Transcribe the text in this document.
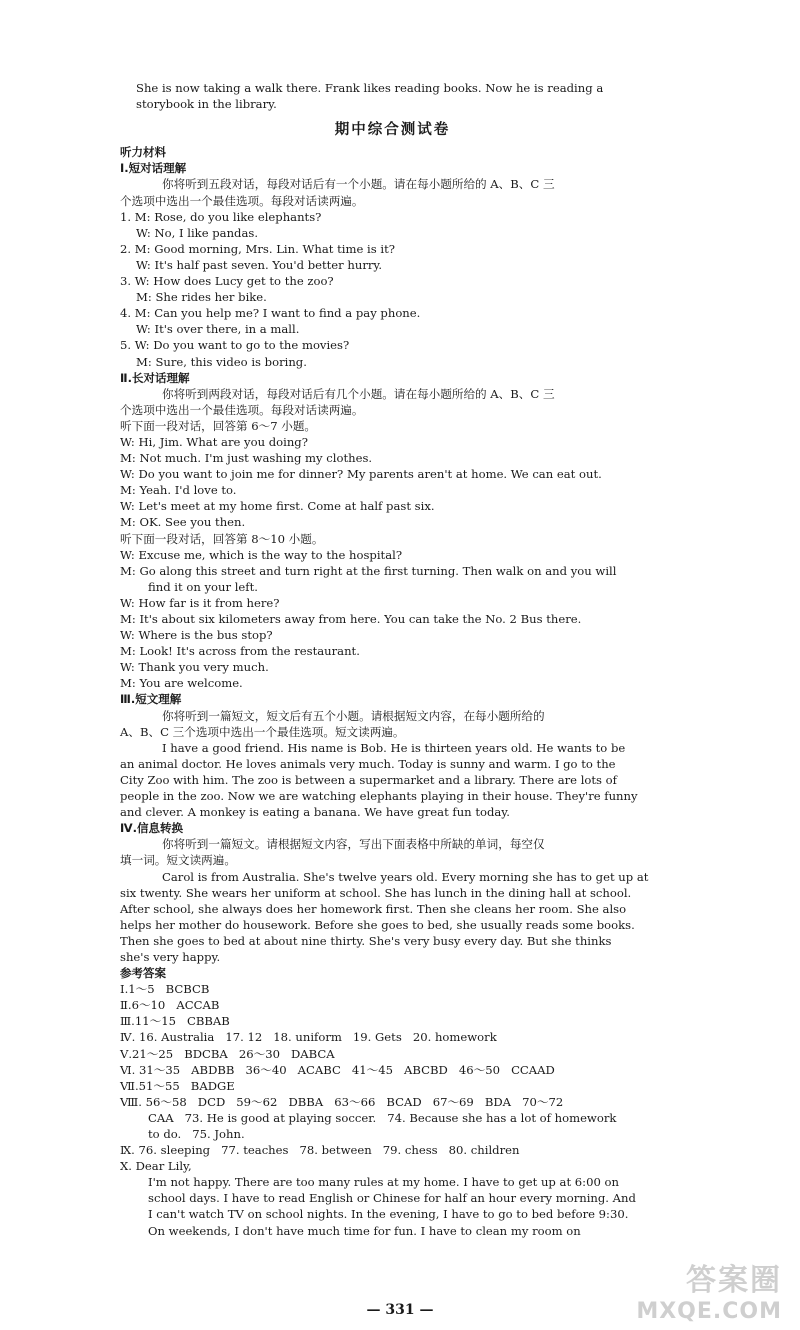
She is now taking a walk there. Frank likes reading books. Now he is reading a
storybook in the library.
期中综合测试卷
听力材料
Ⅰ.短对话理解
你将听到五段对话，每段对话后有一个小题。请在每小题所给的 A、B、C 三
个选项中选出一个最佳选项。每段对话读两遍。
1. M: Rose, do you like elephants?
W: No, I like pandas.
2. M: Good morning, Mrs. Lin. What time is it?
W: It's half past seven. You'd better hurry.
3. W: How does Lucy get to the zoo?
M: She rides her bike.
4. M: Can you help me? I want to find a pay phone.
W: It's over there, in a mall.
5. W: Do you want to go to the movies?
M: Sure, this video is boring.
Ⅱ.长对话理解
你将听到两段对话，每段对话后有几个小题。请在每小题所给的 A、B、C 三
个选项中选出一个最佳选项。每段对话读两遍。
听下面一段对话，回答第 6～7 小题。
W: Hi, Jim. What are you doing?
M: Not much. I'm just washing my clothes.
W: Do you want to join me for dinner? My parents aren't at home. We can eat out.
M: Yeah. I'd love to.
W: Let's meet at my home first. Come at half past six.
M: OK. See you then.
听下面一段对话，回答第 8～10 小题。
W: Excuse me, which is the way to the hospital?
M: Go along this street and turn right at the first turning. Then walk on and you will
find it on your left.
W: How far is it from here?
M: It's about six kilometers away from here. You can take the No. 2 Bus there.
W: Where is the bus stop?
M: Look! It's across from the restaurant.
W: Thank you very much.
M: You are welcome.
Ⅲ.短文理解
你将听到一篇短文，短文后有五个小题。请根据短文内容，在每小题所给的
A、B、C 三个选项中选出一个最佳选项。短文读两遍。
I have a good friend. His name is Bob. He is thirteen years old. He wants to be
an animal doctor. He loves animals very much. Today is sunny and warm. I go to the
City Zoo with him. The zoo is between a supermarket and a library. There are lots of
people in the zoo. Now we are watching elephants playing in their house. They're funny
and clever. A monkey is eating a banana. We have great fun today.
Ⅳ.信息转换
你将听到一篇短文。请根据短文内容，写出下面表格中所缺的单词，每空仅
填一词。短文读两遍。
Carol is from Australia. She's twelve years old. Every morning she has to get up at
six twenty. She wears her uniform at school. She has lunch in the dining hall at school.
After school, she always does her homework first. Then she cleans her room. She also
helps her mother do housework. Before she goes to bed, she usually reads some books.
Then she goes to bed at about nine thirty. She's very busy every day. But she thinks
she's very happy.
参考答案
Ⅰ.1～5   BCBCB
Ⅱ.6～10   ACCAB
Ⅲ.11～15   CBBAB
Ⅳ. 16. Australia   17. 12   18. uniform   19. Gets   20. homework
Ⅴ.21～25   BDCBA   26～30   DABCA
Ⅵ. 31～35   ABDBB   36～40   ACABC   41～45   ABCBD   46～50   CCAAD
Ⅶ.51～55   BADGE
Ⅷ. 56～58   DCD   59～62   DBBA   63～66   BCAD   67～69   BDA   70～72
CAA   73. He is good at playing soccer.   74. Because she has a lot of homework
to do.   75. John.
Ⅸ. 76. sleeping   77. teaches   78. between   79. chess   80. children
Ⅹ. Dear Lily,
I'm not happy. There are too many rules at my home. I have to get up at 6:00 on
school days. I have to read English or Chinese for half an hour every morning. And
I can't watch TV on school nights. In the evening, I have to go to bed before 9:30.
On weekends, I don't have much time for fun. I have to clean my room on
— 331 —
答案圈
MXQE.COM
